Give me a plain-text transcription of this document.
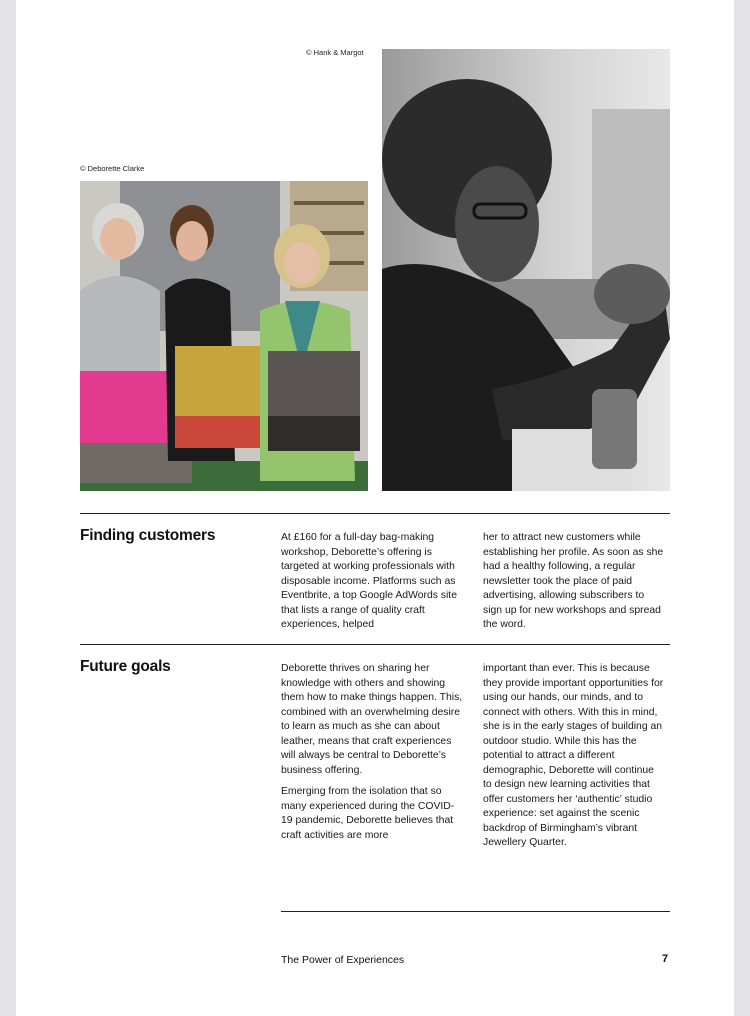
© Deborette Clarke
© Hank & Margot
Finding customers	At £160 for a full-day bag-making workshop, Deborette’s offering is targeted at working professionals with disposable income. Platforms such as Eventbrite, a top Google AdWords site that lists a range of quality craft experiences, helped

her to attract new customers while establishing her profile. As soon as she had a healthy following, a regular newsletter took the place of paid advertising, allowing subscribers to sign up for new workshops and spread the word.

Future goals	Deborette thrives on sharing her knowledge with others and showing them how to make things happen. This, combined with an overwhelming desire to learn as much as she can about leather, means that craft experiences will always be central to Deborette’s business offering.

Emerging from the isolation that so many experienced during the COVID-19 pandemic, Deborette believes that craft activities are more

important than ever. This is because they provide important opportunities for using our hands, our minds, and to connect with others. With this in mind, she is in the early stages of building an outdoor studio. While this has the potential to attract a different demographic, Deborette will continue to design new learning activities that offer customers her ‘authentic’ studio experience: set against the scenic backdrop of Birmingham’s vibrant Jewellery Quarter.

The Power of Experiences	7
